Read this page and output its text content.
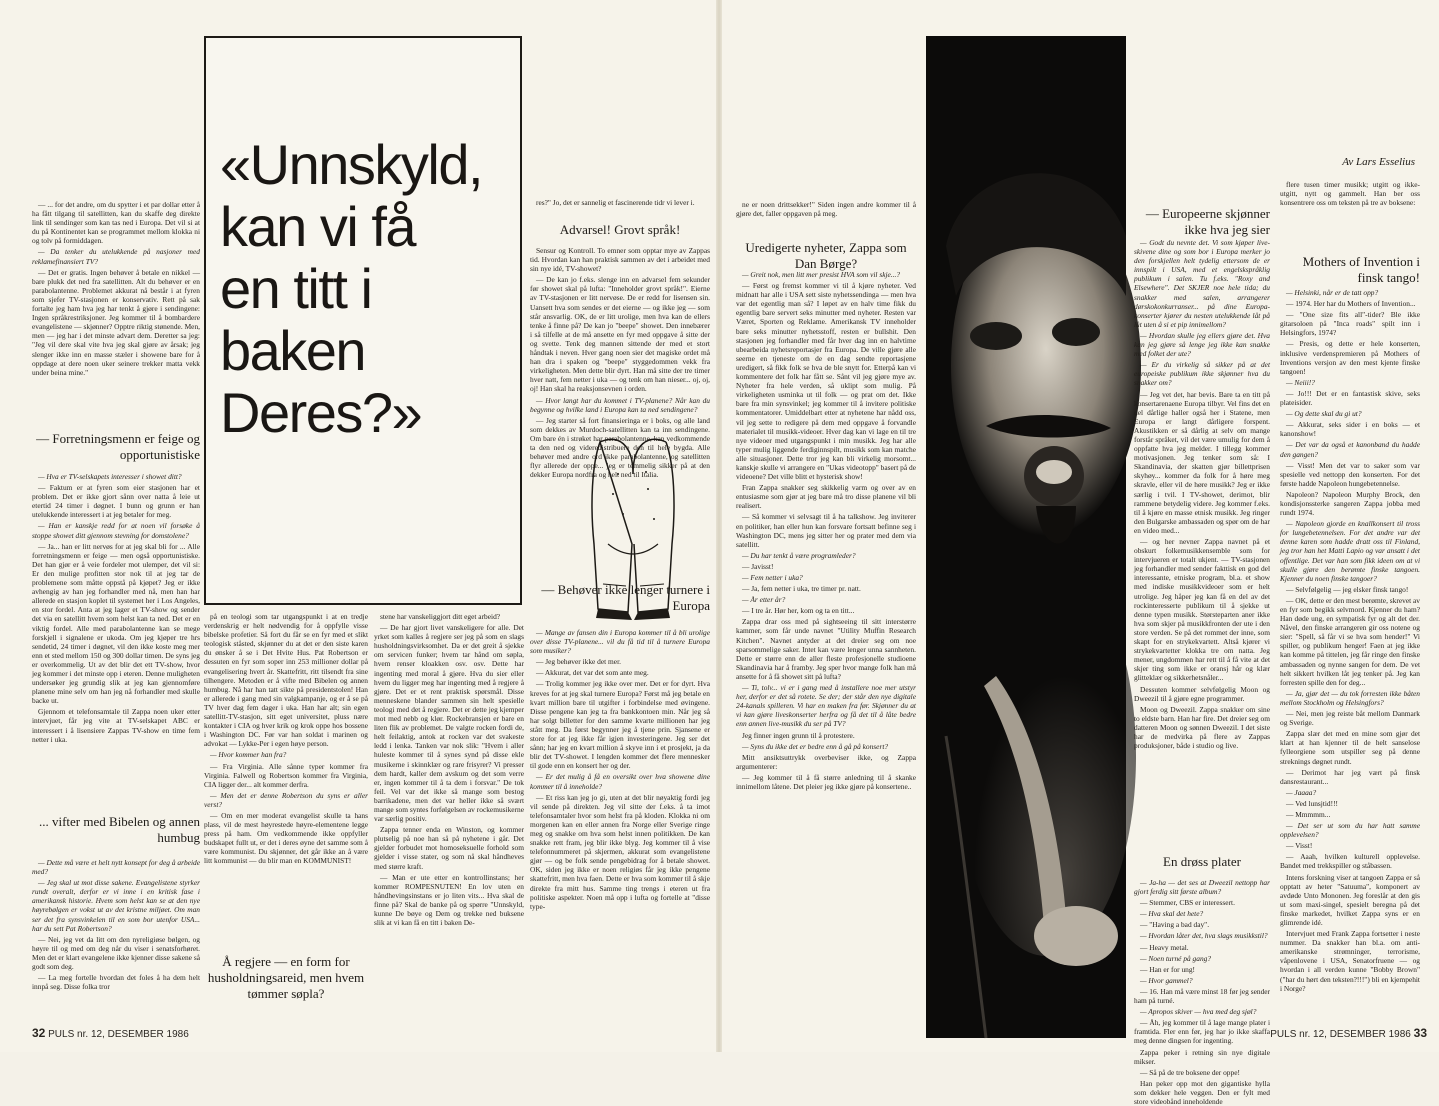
«Unnskyld,
kan vi få
en titt i
baken
Deres?»

— ... for det andre, om du spytter i et par dollar etter å ha fått tilgang til satellitten, kan du skaffe deg direkte link til sendinger som kan tas ned i Europa. Det vil si at du på Kontinentet kan se programmet mellom klokka ni og tolv på formiddagen.

— Da tenker du utelukkende på nasjoner med reklamefinansiert TV?

— Det er gratis. Ingen behøver å betale en nikkel — bare plukk det ned fra satellitten. Alt du behøver er en parabolantenne. Problemet akkurat nå består i at fyren som sjefer TV-stasjonen er konservativ. Rett på sak fortalte jeg ham hva jeg har tenkt å gjøre i sendingene: Ingen språkrestriksjoner. Jeg kommer til å bombardere evangelistene — skjønner? Opptre riktig stønende. Men, men — jeg har i det minste advart dem. Deretter sa jeg: "Jeg vil dere skal vite hva jeg skal gjøre av årsak; jeg slenger ikke inn en masse stæler i showene bare for å oppdage at dere noen uker seinere trekker matta vekk under beina mine."

— Forretningsmenn er feige og opportunistiske

— Hva er TV-selskapets interesser i showet ditt?

— Faktum er at fyren som eier stasjonen har et problem. Det er ikke gjort sånn over natta å leie ut etertid 24 timer i døgnet. I bunn og grunn er han utelukkende interessert i at jeg betaler for meg.

— Han er kanskje redd for at noen vil forsøke å stoppe showet ditt gjennom stevning for domstolene?

— Ja... han er litt nervøs for at jeg skal bli for ... Alle forretningsmenn er feige — men også opportunistiske. Det han gjør er å veie fordeler mot ulemper, det vil si: Er den mulige profitten stor nok til at jeg tar de problemene som måtte oppstå på kjøpet? Jeg er ikke avhengig av han jeg forhandler med nå, men han har allerede en stasjon koplet til systemet her i Los Angeles, en stor fordel. Anta at jeg lager et TV-show og sender det via en satellitt hvem som helst kan ta ned. Det er en viktig fordel. Alle med parabolantenne kan se mege forskjell i signalene er ukoda. Om jeg kjøper tre hrs sendetid, 24 timer i døgnet, vil den ikke koste meg mer enn et sted mellom 150 og 300 dollar timen. De syns jeg er overkommelig. Ut av det blir det ett TV-show, hvor jeg kommer i det minste opp i eteren. Denne muligheten undersøker jeg grundig slik at jeg kan gjennomføre planene mine selv om han jeg nå forhandler med skulle backe ut.

Gjennom et telefonsamtale til Zappa noen uker etter intervjuet, får jeg vite at TV-selskapet ABC er interessert i å lisensiere Zappas TV-show en time fem netter i uka.

... vifter med Bibelen og annen humbug

— Dette må være et helt nytt konsept for deg å arbeide med?

— Jeg skal ut mot disse sakene. Evangelistene styrker rundt overalt, derfor er vi inne i en kritisk fase i amerikansk historie. Hvem som helst kan se at den nye høyrebølgen er vokst ut av det kristne miljøet. Om man ser det fra synsvinkelen til en som bor utenfor USA... har du sett Pat Robertson?

— Nei, jeg vet da litt om den nyreligiøse bølgen, og høyre til og med om deg når du viser i senatsforhøret. Men det er klart evangelene ikke kjenner disse sakene så godt som deg.

— La meg fortelle hvordan det foles å ha dem helt innpå seg. Disse folka tror

på en teologi som tar utgangspunkt i at en tredje verdenskrig er helt nødvendig for å oppfylle visse bibelske profetier. Så fort du får se en fyr med et slikt teologisk ståsted, skjønner du at det er den siste karen du ønsker å se i Det Hvite Hus. Pat Robertson er dessuten en fyr som soper inn 253 millioner dollar på evangelisering hvert år. Skattefritt, ritt tilsendt fra sine tilhengere. Metoden er å vifte med Bibelen og annen humbug. Nå har han tatt sikte på presidentstolen! Han er allerede i gang med sin valgkampanje, og er å se på TV hver dag fem dager i uka. Han har alt; sin egen satellitt-TV-stasjon, sitt eget universitet, pluss nære kontakter i CIA og hver krik og krok oppe hos bossene i Washington DC. Før var han soldat i marinen og advokat — Lykke-Per i egen høye person.

— Hvor kommer han fra?

— Fra Virginia. Alle sånne typer kommer fra Virginia. Falwell og Robertson kommer fra Virginia, CIA ligger der... alt kommer derfra.

— Men det er denne Robertson du syns er aller verst?

— Om en mer moderat evangelist skulle ta hans plass, vil de mest høyrestede høyre-elementene legge press på ham. Om vedkommende ikke oppfyller budskapet fullt ut, er det i deres øyne det samme som å være kommunist. Du skjønner, det går ikke an å være litt kommunist — du blir man en KOMMUNIST!

Å regjere — en form for husholdningsareid, men hvem tømmer søpla?

stene har vanskeliggjort ditt eget arbeid?

— De har gjort livet vanskeligere for alle. Det yrket som kalles å regjere ser jeg på som en slags husholdningsvirksomhet. Da er det greit å sjekke om servicen funker; hvem tar hånd om søpla, hvem renser kloakken osv. osv. Dette har ingenting med moral å gjøre. Hva du sier eller hvem du ligger meg har ingenting med å regjere å gjøre. Det er et rent praktisk spørsmål. Disse menneskene blander sammen sin helt spesielle teologi med det å regjere. Det er dette jeg kjemper mot med nebb og klør. Rockebransjen er bare en liten flik av problemet. De valgte rocken fordi de, helt feilaktig, antok at rocken var det svakeste ledd i lenka. Tanken var nok slik: "Hvem i aller huleste kommer til å synes synd på disse ekle musikerne i skinnklær og rare frisyrer? Vi presser dem hardt, kaller dem avskum og det som verre er, ingen kommer til å ta dem i forsvar." De tok feil. Vel var det ikke så mange som bestog barrikadene, men det var heller ikke så svært mange som syntes forfølgelsen av rockemusikerne var særlig positiv.

Zappa tenner enda en Winston, og kommer plutselig på noe han så på nyhetene i går. Det gjelder forbudet mot homoseksuelle forhold som gjelder i visse stater, og som nå skal håndheves med større kraft.

— Man er ute etter en kontrollinstans; her kommer ROMPESNUTEN! En lov uten en håndhevingsinstans er jo liten vits... Hva skal de finne på? Skal de banke på og spørre "Unnskyld, kunne De bøye og Dem og trekke ned buksene slik at vi kan få en titt i baken De-

res?" Jo, det er sannelig et fascinerende tidr vi lever i.

Advarsel! Grovt språk!

Sensur og Kontroll. To emner som opptar mye av Zappas tid. Hvordan kan han praktisk sammen av det i arbeidet med sin nye idé, TV-showet?

— De kan jo f.eks. slenge inn en advarsel fem sekunder før showet skal på lufta: "Inneholder grovt språk!". Eierne av TV-stasjonen er litt nervøse. De er redd for lisensen sin. Uansett hva som sendes er det eierne — og ikke jeg — som står ansvarlig. OK, de er litt urolige, men hva kan de ellers tenke å finne på? De kan jo "beepe" showet. Den innebærer i så tilfelle at de må ansette en fyr med oppgave å sitte der og svette. Tenk deg mannen sittende der med et stort håndtak i neven. Hver gang noen sier det magiske ordet må han dra i spaken og "beepe" styggedommen vekk fra virkeligheten. Men dette blir dyrt. Han må sitte der tre timer hver natt, fem netter i uka — og tenk om han nieser... oj, oj, oj! Han skal ha reaksjonsevnen i orden.

— Hvor langt har du kommet i TV-planene? Når kan du begynne og hvilke land i Europa kan ta ned sendingene?

— Jeg starter så fort finansieringa er i boks, og alle land som dekkes av Murdoch-satellitten kan ta inn sendingene. Om bare én i strøket har parabolantenne, kan vedkommende ta den ned og videredistribuere den til hele bygda. Alle behøver med andre ord ikke parabolantenne, og satellitten flyr allerede der oppe... jeg er temmelig sikker på at den dekker Europa nordfra og helt ned til Italia.

— Behøver ikke lenger turnere i Europa

— Mange av fansen din i Europa kommer til å bli urolige over disse TV-planene... vil du få tid til å turnere Europa som musiker?

— Jeg behøver ikke det mer.

— Akkurat, det var det som ante meg.

— Trolig kommer jeg ikke over mer. Det er for dyrt. Hva kreves for at jeg skal turnere Europa? Først må jeg betale en kvart million bare til utgifter i forbindelse med øvingene. Disse pengene kan jeg ta fra bankkontoen min. Når jeg så har solgt billetter for den samme kvarte millionen har jeg stått meg. Da først begynner jeg å tjene prin. Sjansene er store for at jeg ikke får igjen investeringene. Jeg ser det sånn; har jeg en kvart million å skyve inn i et prosjekt, ja da blir det TV-showet. I lengden kommer det flere mennesker til gode enn en konsert her og der.

— Er det mulig å få en oversikt over hva showene dine kommer til å inneholde?

— Et riss kan jeg jo gi, uten at det blir nøyaktig fordi jeg vil sende på direkten. Jeg vil sitte der f.eks. å ta imot telefonsamtaler hvor som helst fra på kloden. Klokka ni om morgenen kan en eller annen fra Norge eller Sverige ringe meg og snakke om hva som helst innen politikken. De kan snakke rett fram, jeg blir ikke blyg. Jeg kommer til å vise telefonnummeret på skjermen, akkurat som evangelistene gjør — og be folk sende pengebidrag for å betale showet. OK, siden jeg ikke er noen religiøs får jeg ikke pengene skattefritt, men hva faen. Dette er hva som kommer til å skje direkte fra mitt hus. Samme ting trengs i eteren ut fra politiske aspekter. Noen må opp i lufta og fortelle at "disse type-

32 PULS nr. 12, DESEMBER 1986

ne er noen drittsekker!" Siden ingen andre kommer til å gjøre det, faller oppgaven på meg.

Uredigerte nyheter, Zappa som Dan Børge?

— Greit nok, men litt mer presist HVA som vil skje...?

— Først og fremst kommer vi til å kjøre nyheter. Ved midnatt har alle i USA sett siste nyhetssendinga — men hva var det egentlig man så? I løpet av en halv time fikk du egentlig bare servert seks minutter med nyheter. Resten var Været, Sporten og Reklame. Amerikansk TV inneholder bare seks minutter nyhetsstoff, resten er bullshit. Den stasjonen jeg forhandler med får hver dag inn en halvtime ubearbeida nyhetsreportasjer fra Europa. De ville gjøre alle seerne en tjeneste om de en dag sendte reportasjene uredigert, så fikk folk se hva de ble snytt for. Etterpå kan vi kommentere det folk har fått se. Sånt vil jeg gjøre mye av. Nyheter fra hele verden, så uklipt som mulig. På virkeligheten usminka ut til folk — og prat om det. Ikke bare fra min synsvinkel; jeg kommer til å invitere politiske kommentatorer. Umiddelbart etter at nyhetene har nådd oss, vil jeg sette to redigere på dem med oppgave å forvandle materialet til musikk-videoer. Hver dag kan vi lage en til tre nye videoer med utgangspunkt i min musikk. Jeg har alle typer mulig liggende ferdiginnspilt, musikk som kan matche alle situasjoner. Dette tror jeg kan bli virkelig morsomt... kanskje skulle vi arrangere en "Ukas videotopp" basert på de videoene? Det ville blitt et hysterisk show!

Fran Zappa snakker seg skikkelig varm og over av en entusiasme som gjør at jeg bare må tro disse planene vil bli realisert.

— Så kommer vi selvsagt til å ha talkshow. Jeg inviterer en politiker, han eller hun kan forsvare fortsatt befinne seg i Washington DC, mens jeg sitter her og prater med dem via satellitt.

— Du har tenkt å være programleder?

— Javisst!

— Fem netter i uka?

— Ja, fem netter i uka, tre timer pr. natt.

— År etter år?

— I tre år. Hør her, kom og ta en titt...

Zappa drar oss med på sightseeing til sitt interstørre kammer, som får unde navnet "Utility Muffin Research Kitchen". Navnet antyder at det dreier seg om noe sparsommelige saker. Intet kan være lenger unna sannheten. Dette er større enn de aller fleste profesjonelle studioene Skandinavia har å framby. Jeg sper hvor mange folk han må ansette for å få showet sitt på lufta?

— Ti, tolv... vi er i gang med å installere noe mer utstyr her, derfor er det så rotete. Se der; der står den nye digitale 24-kanals spilleren. Vi har en maken fra før. Skjønner du at vi kan gjøre liveskonserter herfra og få det til å låte bedre enn annen live-musikk du ser på TV?

Jeg finner ingen grunn til å protestere.

— Syns du ikke det er bedre enn å gå på konsert?

Mitt ansiktsuttrykk overbeviser ikke, og Zappa argumenterer:

— Jeg kommer til å få større anledning til å skanke innimellom låtene. Det pleier jeg ikke gjøre på konsertene..

Av Lars Esselius
— Europeerne skjønner ikke hva jeg sier

— Godt du nevnte det. Vi som kjøper live-skivene dine og som bor i Europa merker jo den forskjellen helt tydelig ettersom de er innspilt i USA, med et engelskspråklig publikum i salen. Tu f.eks. "Roxy and Elsewhere". Det SKJER noe hele tida; du snakker med salen, arrangerer dørskokonkurranser... på dine Europa-konserter kjører du nesten utelukkende låt på låt uten å si et pip innimellom?

— Hvordan skulle jeg ellers gjøre det. Hva kan jeg gjøre så lenge jeg ikke kan snakke med folket der ute?

— Er du virkelig så sikker på at det europeiske publikum ikke skjønner hva du snakker om?

— Jeg vet det, har bevis. Bare ta en titt på konsertarenaene Europa tilbyr. Vel fins det en del dårlige haller også her i Statene, men Europa er langt dårligere forspent. Akustikken er så dårlig at selv om mange forstår språket, vil det være umulig for dem å oppfatte hva jeg melder. I tillegg kommer motivasjonen. Jeg tenker som så: I Skandinavia, der skatten gjør billettprisen skyhøy... kommer da folk for å høre meg skravle, eller vil de høre musikk? Jeg er ikke særlig i tvil. I TV-showet, derimot, blir rammene betydelig videre. Jeg kommer f.eks. til å kjøre en masse etnisk musikk. Jeg ringer den Bulgarske ambassaden og spør om de har en video med...

— og her nevner Zappa navnet på et obskurt folkemusikkensemble som for intervjueren er totalt ukjent. — TV-stasjonen jeg forhandler med sender fakttisk en god del interessante, etniske program, bl.a. et show med indiske musikkvideoer som er helt utrolige. Jeg håper jeg kan få en del av det rockinteresserte publikum til å sjekke ut denne typen musikk. Størsteparten aner ikke hva som skjer på musikkfronten der ute i den store verden. Se på det rommet der inne, som skapt for en strykekvartett. Altså kjører vi strykekvartetter klokka tre om natta. Jeg mener, ungdommen har rett til å få vite at det skjer ting som ikke er oransj hår og klær glitteklær og sikkerhetsnåler...

Dessuten kommer selvfølgelig Moon og Dweezil til å gjøre egne programmer.

Moon og Dweezil. Zappa snakker om sine to eldste barn. Han har fire. Det dreier seg om datteren Moon og sønnen Dweezil. I det siste har de medvirka på flere av Zappas produksjoner, både i studio og live.

En drøss plater

— Ja-ha — det ses at Dweezil nettopp har gjort ferdig sitt første album?

— Stemmer, CBS er interessert.

— Hva skal det hete?

— "Having a bad day".

— Hvordan låter det, hva slags musikkstil?

— Heavy metal.

— Noen turné på gang?

— Han er for ung!

— Hvor gammel?

— 16. Han må være minst 18 før jeg sender ham på turné.

— Apropos skiver — hva med deg sjøl?

— Åh, jeg kommer til å lage mange plater i framtida. Fler enn før, jeg har jo ikke skaffa meg denne dingsen for ingenting.

Zappa peker i retning sin nye digitale mikser.

— Så på de tre boksene der oppe!

Han peker opp mot den gigantiske hylla som dekker hele veggen. Den er fylt med store videobånd inneholdende

flere tusen timer musikk; utgitt og ikke-utgitt, nytt og gammelt. Han ber oss konsentrere oss om teksten på tre av boksene:

Mothers of Invention i finsk tango!

— Helsinki, når er de tatt opp?

— 1974. Her har du Mothers of Invention...

— "One size fits all"-tider? Ble ikke gitarsoloen på "Inca roads" spilt inn i Helsingfors, 1974?

— Presis, og dette er hele konserten, inklusive verdenspremieren på Mothers of Inventions versjon av den mest kjente finske tangoen!

— Neiii!?

— Jo!!! Det er en fantastisk skive, seks plateisider.

— Og dette skal du gi ut?

— Akkurat, seks sider i en boks — et kanonshow!

— Det var da også et kanonband du hadde den gangen?

— Visst! Men det var to saker som var spesielle ved nettopp den konserten. For det første hadde Napoleon hungebetennelse.

Napoleon? Napoleon Murphy Brock, den kondisjonssterke sangeren Zappa jobba med rundt 1974.

— Napoleon gjorde en knallkonsert til tross for lungebetennelsen. For det andre var det denne karen som hadde dratt oss til Finland, jeg tror han het Matti Lapio og var ansatt i det offentlige. Det var han som fikk ideen om at vi skulle gjøre den berømte finske tangoen. Kjenner du noen finske tangoer?

— Selvfølgelig — jeg elsker finsk tango!

— OK, dette er den mest berømte, skrevet av en fyr som begikk selvmord. Kjenner du ham? Han døde ung, en sympatisk fyr og alt det der. Nåvel, den finske arrangeren gir oss notene og sier: "Spell, så får vi se hva som hender!" Vi spiller, og publikum henger! Faen at jeg ikke kan komme på tittelen, jeg får ringe den finske ambassaden og nynne sangen for dem. De vet helt sikkert hvilken låt jeg tenker på. Jeg kan forresten spille den for deg...

— Ja, gjør det — du tok forresten ikke båten mellom Stockholm og Helsingfors?

— Nei, men jeg reiste båt mellom Danmark og Sverige.

Zappa slær det med en mine som gjør det klart at han kjenner til de helt sanselose fylleorgiene som utspiller seg på denne streknings døgnet rundt.

— Derimot har jeg vært på finsk dansrestaurant...

— Jaaaa?

— Ved lunsjtid!!!

— Mmmmm...

— Det ser ut som du har hatt samme opplevelsen?

— Visst!

— Aaah, hvilken kulturell opplevelse. Bandet med trekkspiller og ståbassen.

Intens forskning viser at tangoen Zappa er så opptatt av heter "Satuuma", komponert av avdøde Unto Mononen. Jeg foreslår at den gis ut som maxi-singel, spesielt beregna på det finske markedet, hvilket Zappa syns er en glimrende idé.

Intervjuet med Frank Zappa fortsetter i neste nummer. Da snakker han bl.a. om anti-amerikanske strømninger, terrorisme, våpenlovene i USA, Senatorfruene — og hvordan i all verden kunne "Bobby Brown" ("har du hørt den teksten?!!!") bli en kjempehit i Norge?

PULS nr. 12, DESEMBER 1986 33
